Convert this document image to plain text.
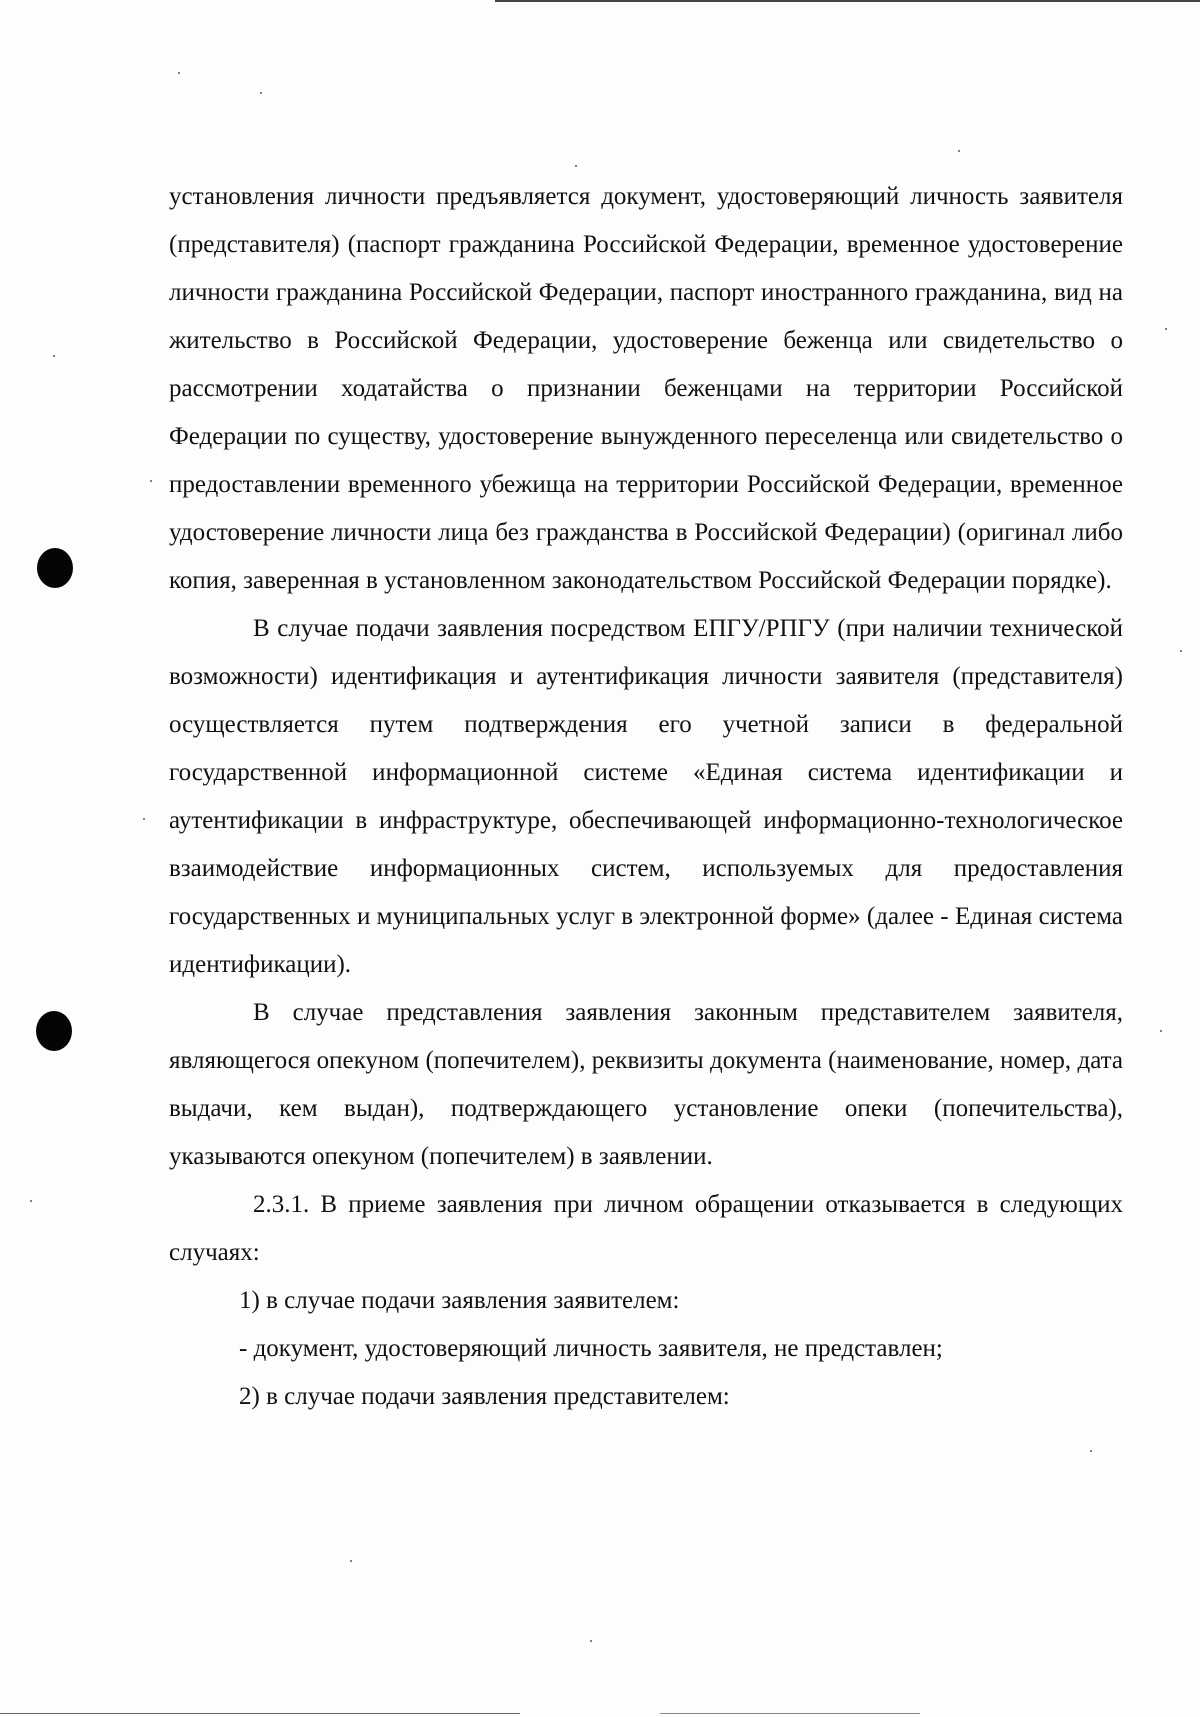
установления личности предъявляется документ, удостоверяющий личность заявителя (представителя) (паспорт гражданина Российской Федерации, временное удостоверение личности гражданина Российской Федерации, паспорт иностранного гражданина, вид на жительство в Российской Федерации, удостоверение беженца или свидетельство о рассмотрении ходатайства о признании беженцами на территории Российской Федерации по существу, удостоверение вынужденного переселенца или свидетельство о предоставлении временного убежища на территории Российской Федерации, временное удостоверение личности лица без гражданства в Российской Федерации) (оригинал либо копия, заверенная в установленном законодательством Российской Федерации порядке).

В случае подачи заявления посредством ЕПГУ/РПГУ (при наличии технической возможности) идентификация и аутентификация личности заявителя (представителя) осуществляется путем подтверждения его учетной записи в федеральной государственной информационной системе «Единая система идентификации и аутентификации в инфраструктуре, обеспечивающей информационно-технологическое взаимодействие информационных систем, используемых для предоставления государственных и муниципальных услуг в электронной форме» (далее - Единая система идентификации).

В случае представления заявления законным представителем заявителя, являющегося опекуном (попечителем), реквизиты документа (наименование, номер, дата выдачи, кем выдан), подтверждающего установление опеки (попечительства), указываются опекуном (попечителем) в заявлении.

2.3.1. В приеме заявления при личном обращении отказывается в следующих случаях:

1) в случае подачи заявления заявителем:

- документ, удостоверяющий личность заявителя, не представлен;

2) в случае подачи заявления представителем:
